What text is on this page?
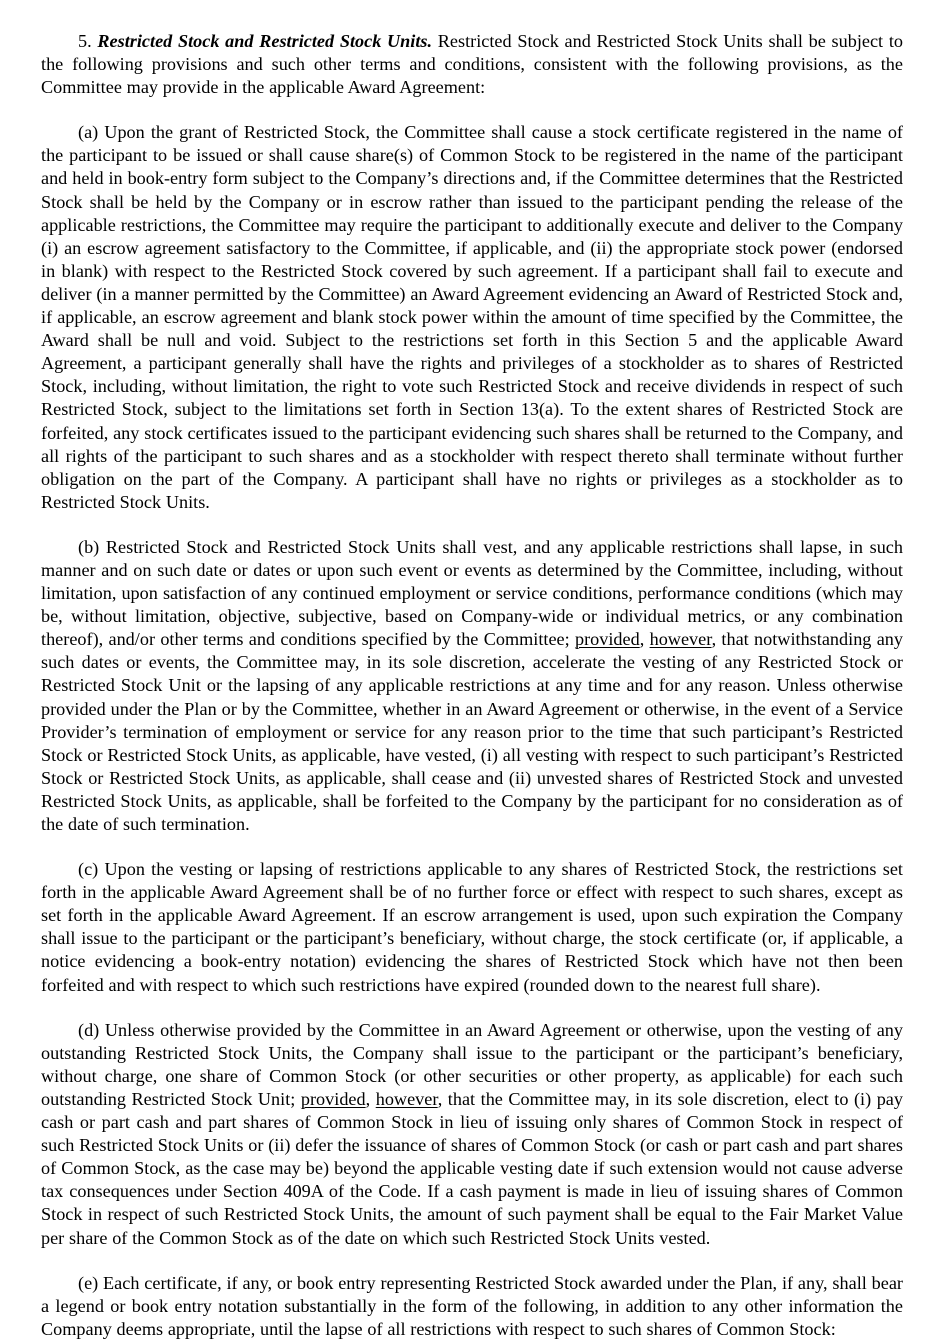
5. Restricted Stock and Restricted Stock Units. Restricted Stock and Restricted Stock Units shall be subject to the following provisions and such other terms and conditions, consistent with the following provisions, as the Committee may provide in the applicable Award Agreement:

(a) Upon the grant of Restricted Stock, the Committee shall cause a stock certificate registered in the name of the participant to be issued or shall cause share(s) of Common Stock to be registered in the name of the participant and held in book-entry form subject to the Company’s directions and, if the Committee determines that the Restricted Stock shall be held by the Company or in escrow rather than issued to the participant pending the release of the applicable restrictions, the Committee may require the participant to additionally execute and deliver to the Company (i) an escrow agreement satisfactory to the Committee, if applicable, and (ii) the appropriate stock power (endorsed in blank) with respect to the Restricted Stock covered by such agreement. If a participant shall fail to execute and deliver (in a manner permitted by the Committee) an Award Agreement evidencing an Award of Restricted Stock and, if applicable, an escrow agreement and blank stock power within the amount of time specified by the Committee, the Award shall be null and void. Subject to the restrictions set forth in this Section 5 and the applicable Award Agreement, a participant generally shall have the rights and privileges of a stockholder as to shares of Restricted Stock, including, without limitation, the right to vote such Restricted Stock and receive dividends in respect of such Restricted Stock, subject to the limitations set forth in Section 13(a). To the extent shares of Restricted Stock are forfeited, any stock certificates issued to the participant evidencing such shares shall be returned to the Company, and all rights of the participant to such shares and as a stockholder with respect thereto shall terminate without further obligation on the part of the Company. A participant shall have no rights or privileges as a stockholder as to Restricted Stock Units.

(b) Restricted Stock and Restricted Stock Units shall vest, and any applicable restrictions shall lapse, in such manner and on such date or dates or upon such event or events as determined by the Committee, including, without limitation, upon satisfaction of any continued employment or service conditions, performance conditions (which may be, without limitation, objective, subjective, based on Company-wide or individual metrics, or any combination thereof), and/or other terms and conditions specified by the Committee; provided, however, that notwithstanding any such dates or events, the Committee may, in its sole discretion, accelerate the vesting of any Restricted Stock or Restricted Stock Unit or the lapsing of any applicable restrictions at any time and for any reason. Unless otherwise provided under the Plan or by the Committee, whether in an Award Agreement or otherwise, in the event of a Service Provider’s termination of employment or service for any reason prior to the time that such participant’s Restricted Stock or Restricted Stock Units, as applicable, have vested, (i) all vesting with respect to such participant’s Restricted Stock or Restricted Stock Units, as applicable, shall cease and (ii) unvested shares of Restricted Stock and unvested Restricted Stock Units, as applicable, shall be forfeited to the Company by the participant for no consideration as of the date of such termination.

(c) Upon the vesting or lapsing of restrictions applicable to any shares of Restricted Stock, the restrictions set forth in the applicable Award Agreement shall be of no further force or effect with respect to such shares, except as set forth in the applicable Award Agreement. If an escrow arrangement is used, upon such expiration the Company shall issue to the participant or the participant’s beneficiary, without charge, the stock certificate (or, if applicable, a notice evidencing a book-entry notation) evidencing the shares of Restricted Stock which have not then been forfeited and with respect to which such restrictions have expired (rounded down to the nearest full share).

(d) Unless otherwise provided by the Committee in an Award Agreement or otherwise, upon the vesting of any outstanding Restricted Stock Units, the Company shall issue to the participant or the participant’s beneficiary, without charge, one share of Common Stock (or other securities or other property, as applicable) for each such outstanding Restricted Stock Unit; provided, however, that the Committee may, in its sole discretion, elect to (i) pay cash or part cash and part shares of Common Stock in lieu of issuing only shares of Common Stock in respect of such Restricted Stock Units or (ii) defer the issuance of shares of Common Stock (or cash or part cash and part shares of Common Stock, as the case may be) beyond the applicable vesting date if such extension would not cause adverse tax consequences under Section 409A of the Code. If a cash payment is made in lieu of issuing shares of Common Stock in respect of such Restricted Stock Units, the amount of such payment shall be equal to the Fair Market Value per share of the Common Stock as of the date on which such Restricted Stock Units vested.

(e) Each certificate, if any, or book entry representing Restricted Stock awarded under the Plan, if any, shall bear a legend or book entry notation substantially in the form of the following, in addition to any other information the Company deems appropriate, until the lapse of all restrictions with respect to such shares of Common Stock:
